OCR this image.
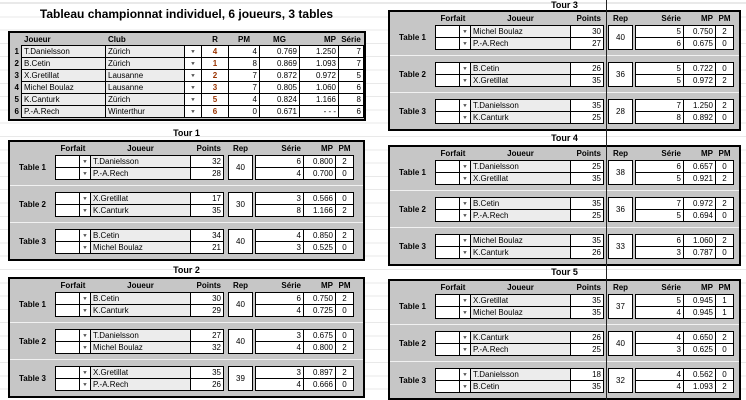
Tableau championnat individuel, 6 joueurs, 3 tables
Joueur	Club	R	PM	MG	MP Série
1 T.Danielsson	Zürich	▼	4	4	0.769	1.250	7
2 B.Cetin	Zürich	▼	1	8	0.869	1.093	7
3 X.Gretillat	Lausanne	▼	2	7	0.872	0.972	5
4 Michel Boulaz	Lausanne	▼	3	7	0.805	1.060	6
5 K.Canturk	Zürich	▼	5	4	0.824	1.166	8
6 P.-A.Rech	Winterthur	▼	6	0	0.671	- - -	6
Tour 1
Forfait	Joueur	Points	Rep	Série	MP PM
Table 1
▼ T.Danielsson	32	6	0.800	2
▼ P.-A.Rech	28	4	0.700	0
40
Table 2
▼ X.Gretillat	17	3	0.566	0
▼ K.Canturk	35	8	1.166	2
30
Table 3
▼ B.Cetin	34	4	0.850	2
▼ Michel Boulaz	21	3	0.525	0
40
Tour 2
Forfait	Joueur	Points	Rep	Série	MP PM
Table 1
▼ B.Cetin	30	6	0.750	2
▼ K.Canturk	29	4	0.725	0
40
Table 2
▼ T.Danielsson	27	3	0.675	0
▼ Michel Boulaz	32	4	0.800	2
40
Table 3
▼ X.Gretillat	35	3	0.897	2
▼ P.-A.Rech	26	4	0.666	0
39
Tour 3
Forfait	Joueur	Points	Rep	Série	MP PM
Table 1
▼ Michel Boulaz	30	5	0.750	2
▼ P.-A.Rech	27	6	0.675	0
40
Table 2
▼ B.Cetin	26	5	0.722	0
▼ X.Gretillat	35	5	0.972	2
36
Table 3
▼ T.Danielsson	35	7	1.250	2
▼ K.Canturk	25	8	0.892	0
28
Tour 4
Forfait	Joueur	Points	Rep	Série	MP PM
Table 1
▼ T.Danielsson	25	6	0.657	0
▼ X.Gretillat	35	5	0.921	2
38
Table 2
▼ B.Cetin	35	7	0.972	2
▼ P.-A.Rech	25	5	0.694	0
36
Table 3
▼ Michel Boulaz	35	6	1.060	2
▼ K.Canturk	26	3	0.787	0
33
Tour 5
Forfait	Joueur	Points	Rep	Série	MP PM
Table 1
▼ X.Gretillat	35	5	0.945	1
▼ Michel Boulaz	35	4	0.945	1
37
Table 2
▼ K.Canturk	26	4	0.650	2
▼ P.-A.Rech	25	3	0.625	0
40
Table 3
▼ T.Danielsson	18	4	0.562	0
▼ B.Cetin	35	4	1.093	2
32
